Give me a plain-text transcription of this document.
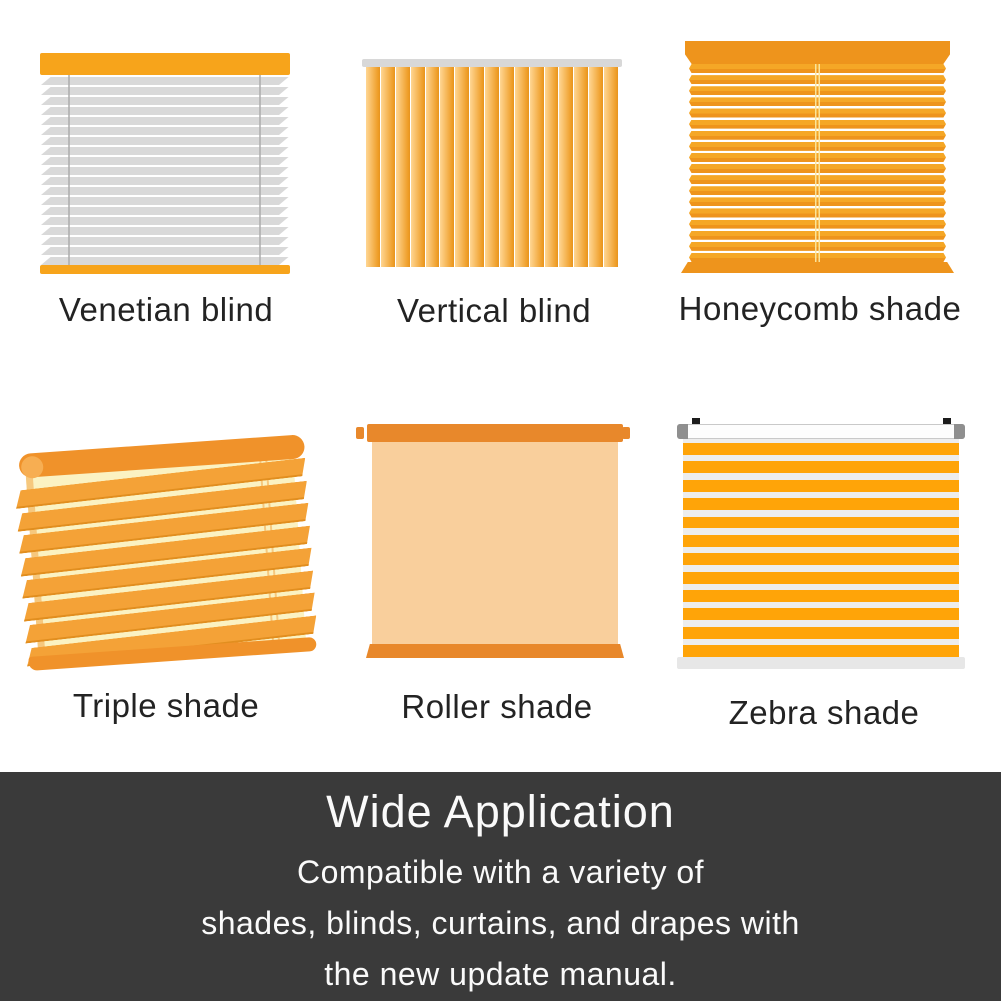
Venetian blind	Vertical blind	Honeycomb shade
Triple shade	Roller shade	Zebra shade
Wide Application
Compatible with a variety of
shades, blinds, curtains, and drapes with
the new update manual.
